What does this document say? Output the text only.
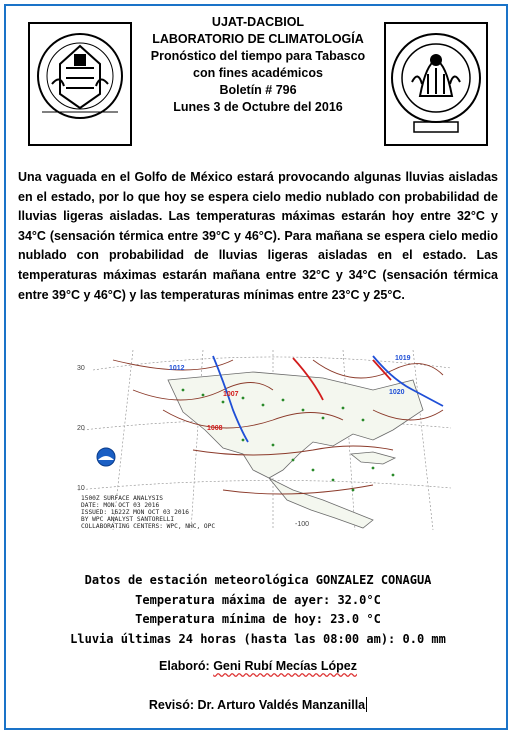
UJAT-DACBIOL
LABORATORIO DE CLIMATOLOGÍA
Pronóstico del tiempo para Tabasco
con fines académicos
Boletín # 796
Lunes 3 de Octubre del 2016
Una vaguada en el Golfo de México estará provocando algunas lluvias aisladas en el estado, por lo que hoy se espera cielo medio nublado con probabilidad de lluvias ligeras aisladas. Las temperaturas máximas estarán hoy entre 32°C y 34°C (sensación térmica entre 39°C y 46°C). Para mañana se espera cielo medio nublado con probabilidad de lluvias ligeras aisladas en el estado. Las temperaturas máximas estarán mañana entre 32°C y 34°C (sensación térmica entre 39°C y 46°C) y las temperaturas mínimas entre 23°C y 25°C.
30
20
10
-100
1007
1008
1012
1019
1020
1500Z SURFACE ANALYSIS
DATE: MON OCT 03 2016
ISSUED: 1622Z MON OCT 03 2016
BY WPC ANALYST SANTORELLI
COLLABORATING CENTERS: WPC, NHC, OPC
Datos de estación meteorológica GONZALEZ CONAGUA
Temperatura máxima de ayer: 32.0°C
Temperatura mínima de hoy: 23.0 °C
Lluvia últimas 24 horas (hasta las 08:00 am): 0.0 mm
Elaboró: Geni Rubí Mecías López
Revisó: Dr. Arturo Valdés Manzanilla
